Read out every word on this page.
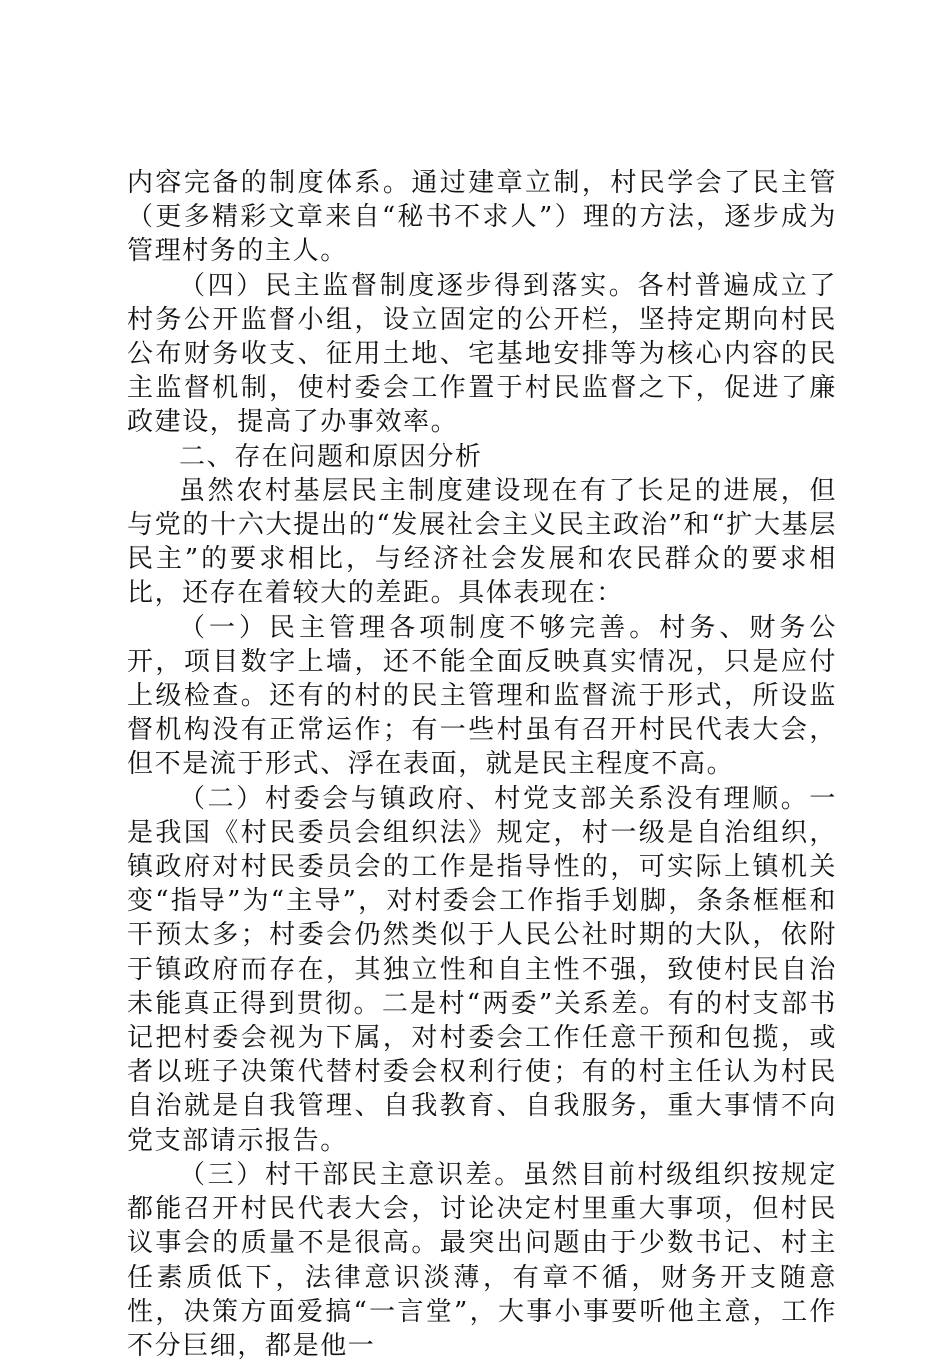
内容完备的制度体系。通过建章立制，村民学会了民主管（更多精彩文章来自“秘书不求人”）理的方法，逐步成为管理村务的主人。

（四）民主监督制度逐步得到落实。各村普遍成立了村务公开监督小组，设立固定的公开栏，坚持定期向村民公布财务收支、征用土地、宅基地安排等为核心内容的民主监督机制，使村委会工作置于村民监督之下，促进了廉政建设，提高了办事效率。

二、存在问题和原因分析

虽然农村基层民主制度建设现在有了长足的进展，但与党的十六大提出的“发展社会主义民主政治”和“扩大基层民主”的要求相比，与经济社会发展和农民群众的要求相比，还存在着较大的差距。具体表现在：

（一）民主管理各项制度不够完善。村务、财务公开，项目数字上墙，还不能全面反映真实情况，只是应付上级检查。还有的村的民主管理和监督流于形式，所设监督机构没有正常运作；有一些村虽有召开村民代表大会，但不是流于形式、浮在表面，就是民主程度不高。

（二）村委会与镇政府、村党支部关系没有理顺。一是我国《村民委员会组织法》规定，村一级是自治组织，镇政府对村民委员会的工作是指导性的，可实际上镇机关变“指导”为“主导”，对村委会工作指手划脚，条条框框和干预太多；村委会仍然类似于人民公社时期的大队，依附于镇政府而存在，其独立性和自主性不强，致使村民自治未能真正得到贯彻。二是村“两委”关系差。有的村支部书记把村委会视为下属，对村委会工作任意干预和包揽，或者以班子决策代替村委会权利行使；有的村主任认为村民自治就是自我管理、自我教育、自我服务，重大事情不向党支部请示报告。

（三）村干部民主意识差。虽然目前村级组织按规定都能召开村民代表大会，讨论决定村里重大事项，但村民议事会的质量不是很高。最突出问题由于少数书记、村主任素质低下，法律意识淡薄，有章不循，财务开支随意性，决策方面爱搞“一言堂”，大事小事要听他主意，工作不分巨细，都是他一
